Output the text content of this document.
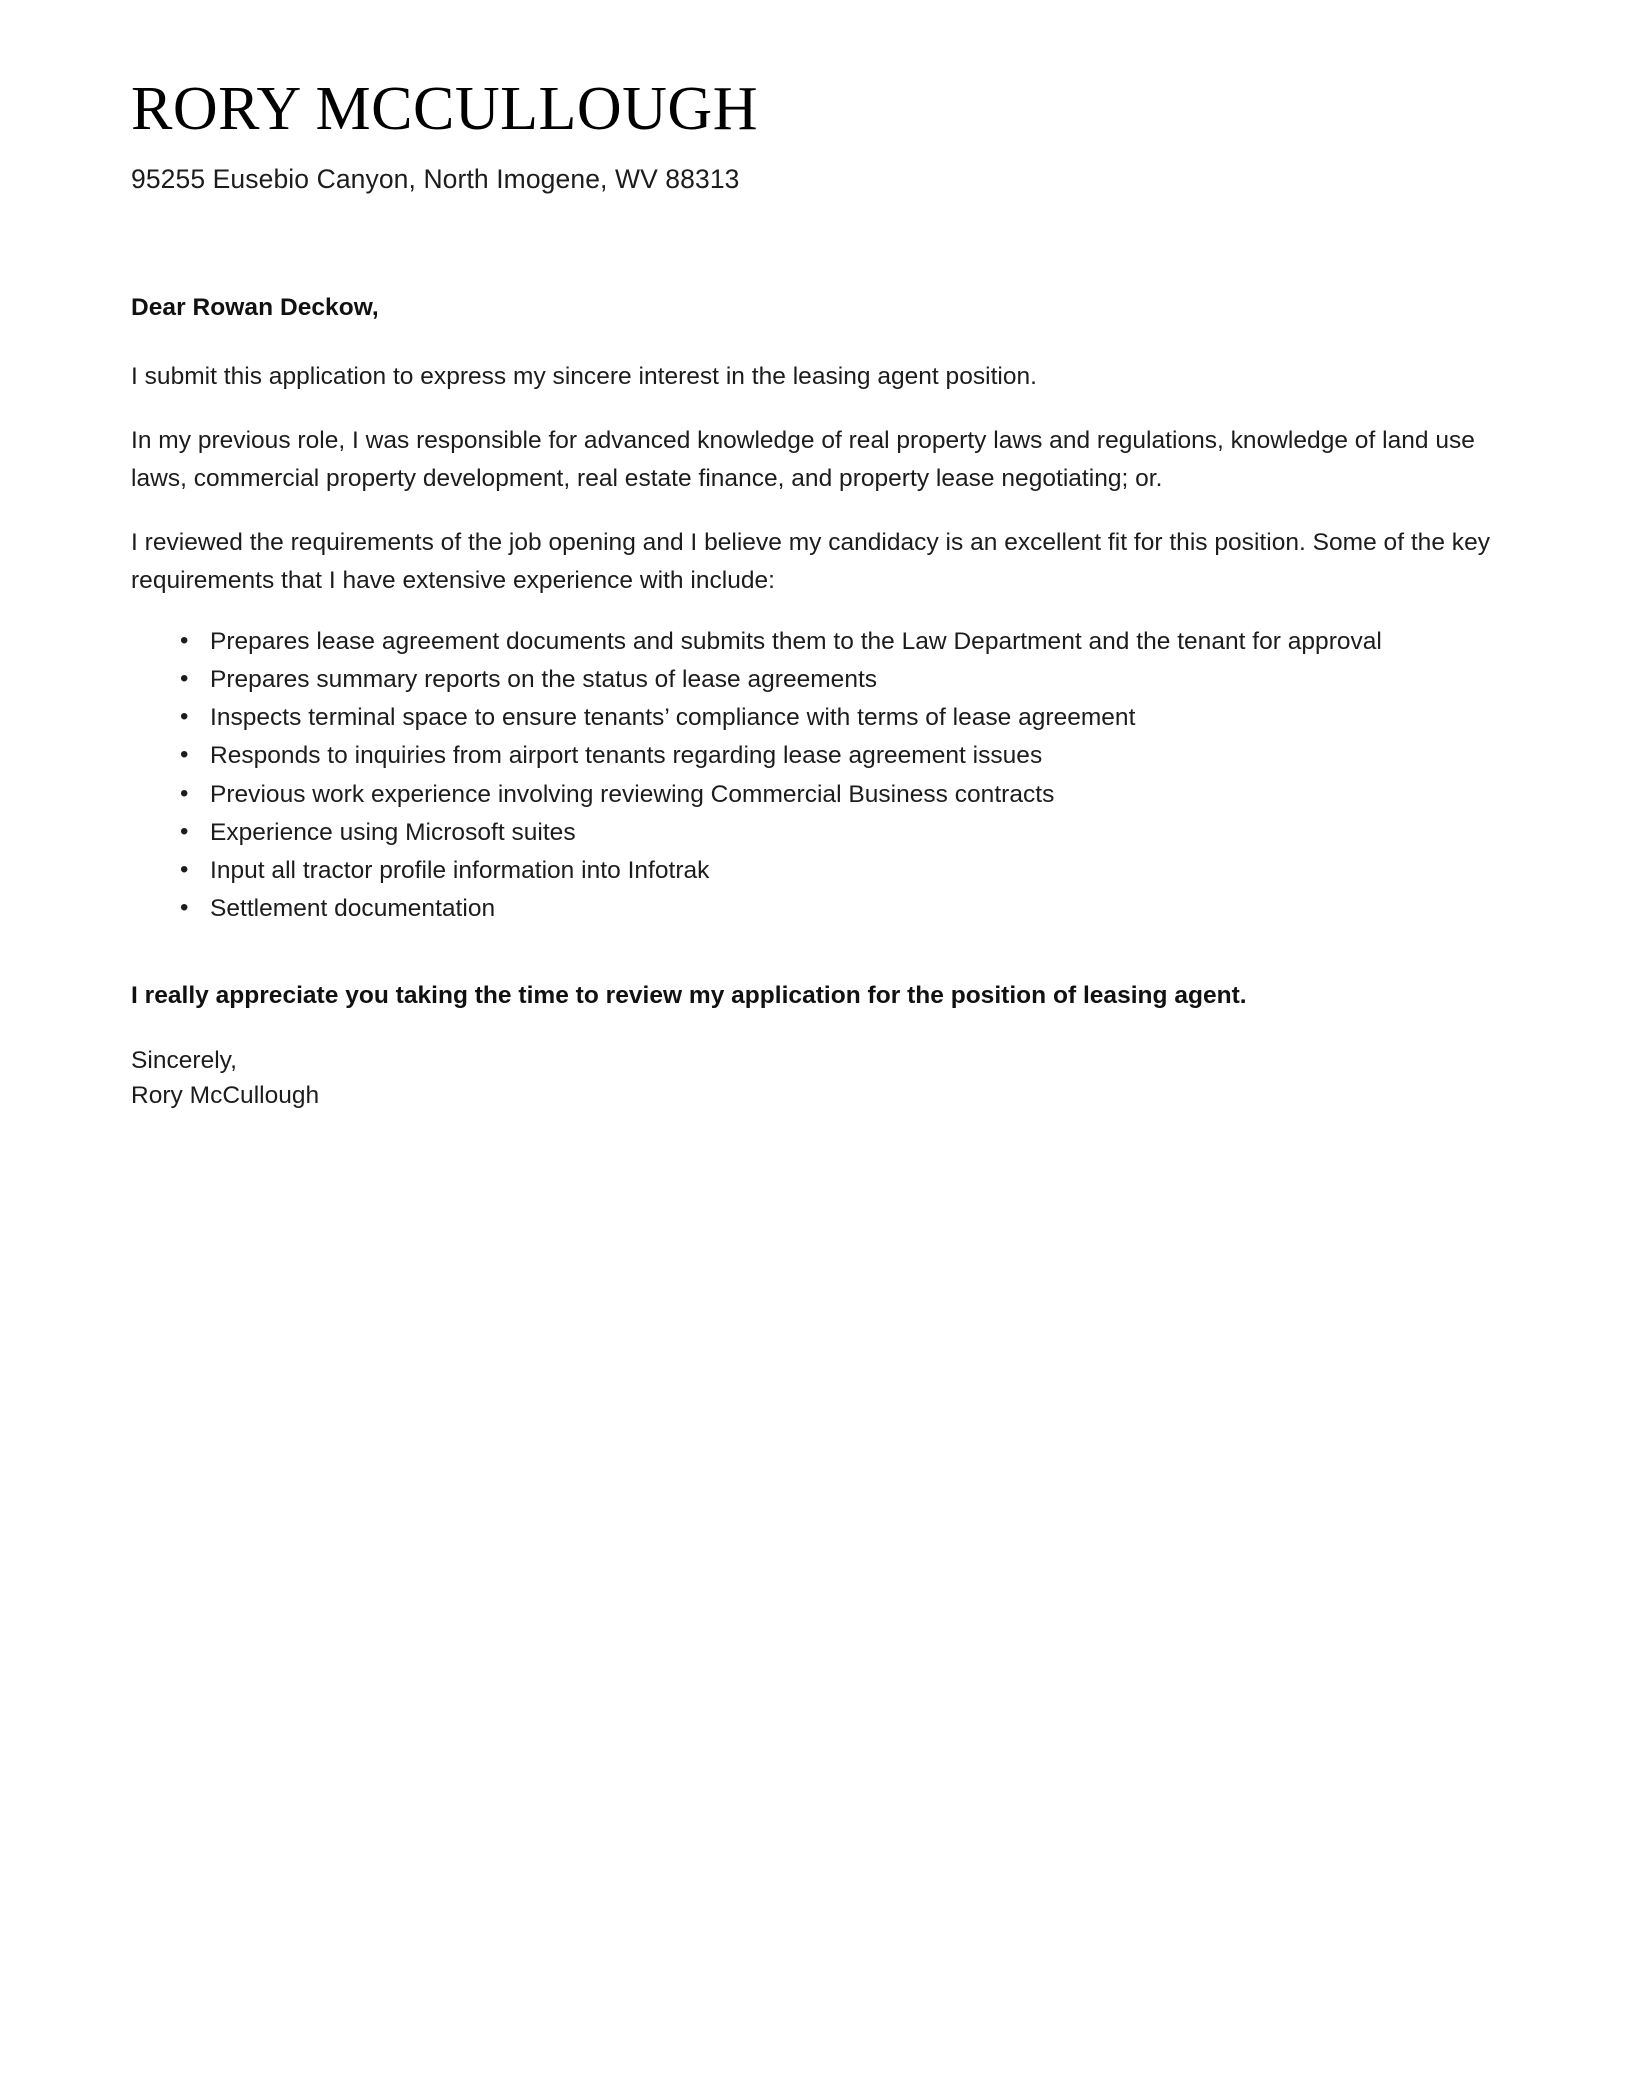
RORY MCCULLOUGH
95255 Eusebio Canyon, North Imogene, WV 88313
Dear Rowan Deckow,

I submit this application to express my sincere interest in the leasing agent position.

In my previous role, I was responsible for advanced knowledge of real property laws and regulations, knowledge of land use laws, commercial property development, real estate finance, and property lease negotiating; or.

I reviewed the requirements of the job opening and I believe my candidacy is an excellent fit for this position. Some of the key requirements that I have extensive experience with include:

• Prepares lease agreement documents and submits them to the Law Department and the tenant for approval
• Prepares summary reports on the status of lease agreements
• Inspects terminal space to ensure tenants’ compliance with terms of lease agreement
• Responds to inquiries from airport tenants regarding lease agreement issues
• Previous work experience involving reviewing Commercial Business contracts
• Experience using Microsoft suites
• Input all tractor profile information into Infotrak
• Settlement documentation

I really appreciate you taking the time to review my application for the position of leasing agent.

Sincerely,
Rory McCullough
